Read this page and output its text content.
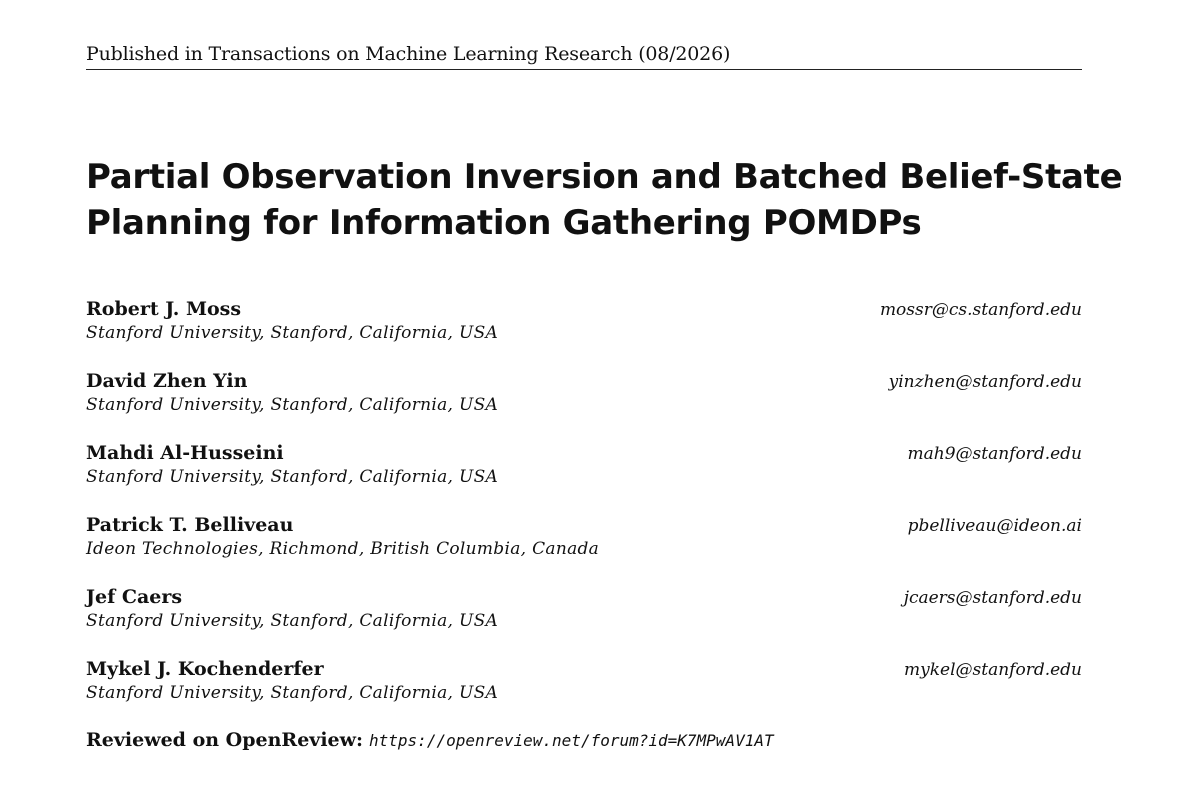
Published in Transactions on Machine Learning Research (08/2026)
Partial Observation Inversion and Batched Belief-State
Planning for Information Gathering POMDPs
Robert J. Moss	mossr@cs.stanford.edu
Stanford University, Stanford, California, USA
David Zhen Yin	yinzhen@stanford.edu
Stanford University, Stanford, California, USA
Mahdi Al-Husseini	mah9@stanford.edu
Stanford University, Stanford, California, USA
Patrick T. Belliveau	pbelliveau@ideon.ai
Ideon Technologies, Richmond, British Columbia, Canada
Jef Caers	jcaers@stanford.edu
Stanford University, Stanford, California, USA
Mykel J. Kochenderfer	mykel@stanford.edu
Stanford University, Stanford, California, USA
Reviewed on OpenReview: https://openreview.net/forum?id=K7MPwAV1AT
